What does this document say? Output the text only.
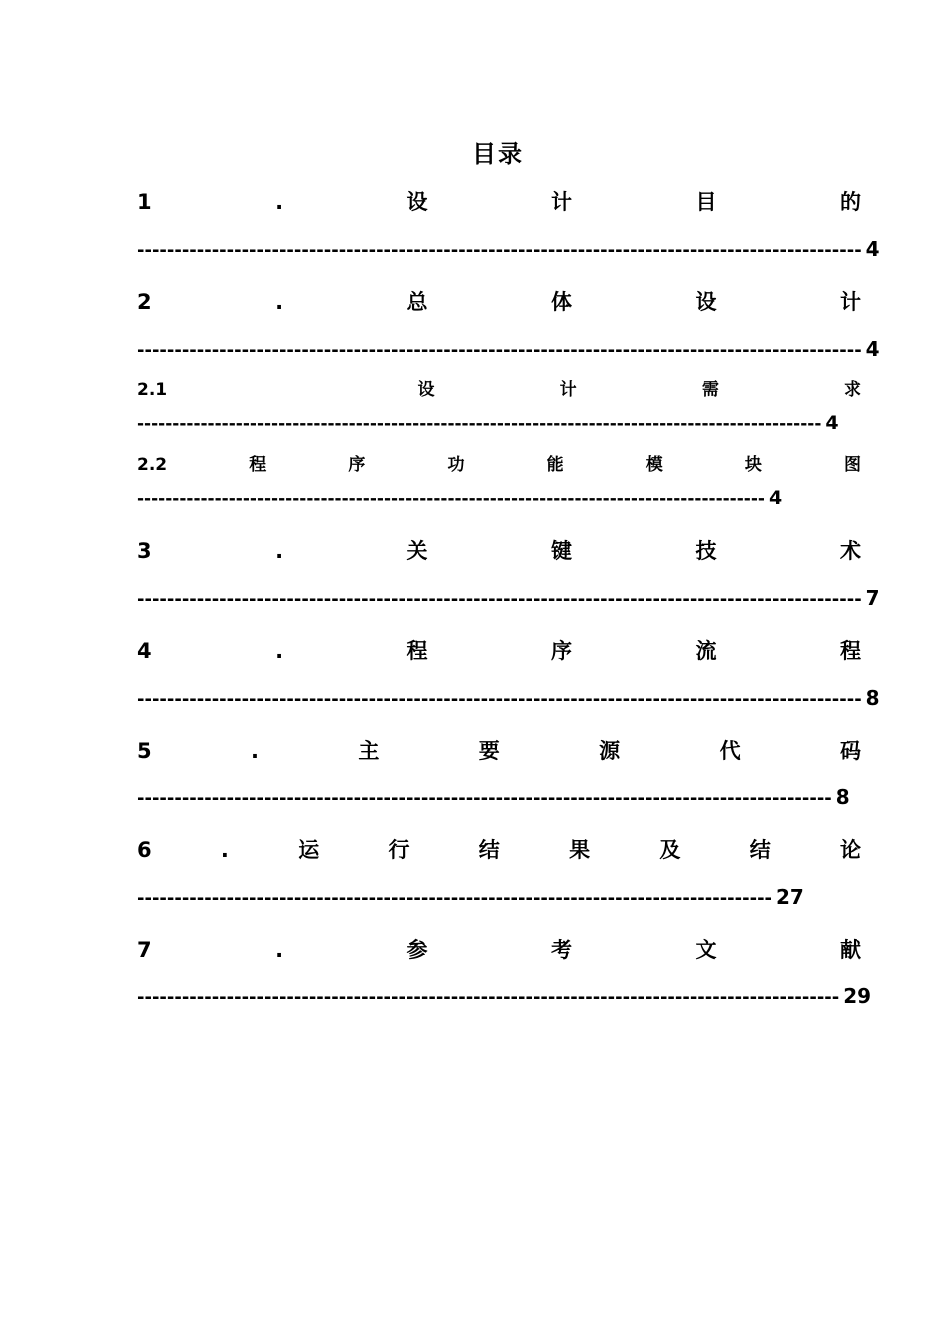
目录
1	.	设	计	目	的
------------------------------------------------------------------------------------------------- 4
2	.	总	体	设	计
------------------------------------------------------------------------------------------------- 4
2.1	设	计	需	求
------------------------------------------------------------------------------------------------- 4
2.2	程	序	功	能	模	块	图
----------------------------------------------------------------------------------------- 4
3	.	关	键	技	术
------------------------------------------------------------------------------------------------- 7
4	.	程	序	流	程
------------------------------------------------------------------------------------------------- 8
5	.	主	要	源	代	码
--------------------------------------------------------------------------------------------- 8
6	.	运	行	结	果	及	结	论
------------------------------------------------------------------------------------- 27
7	.	参	考	文	献
---------------------------------------------------------------------------------------------- 29
